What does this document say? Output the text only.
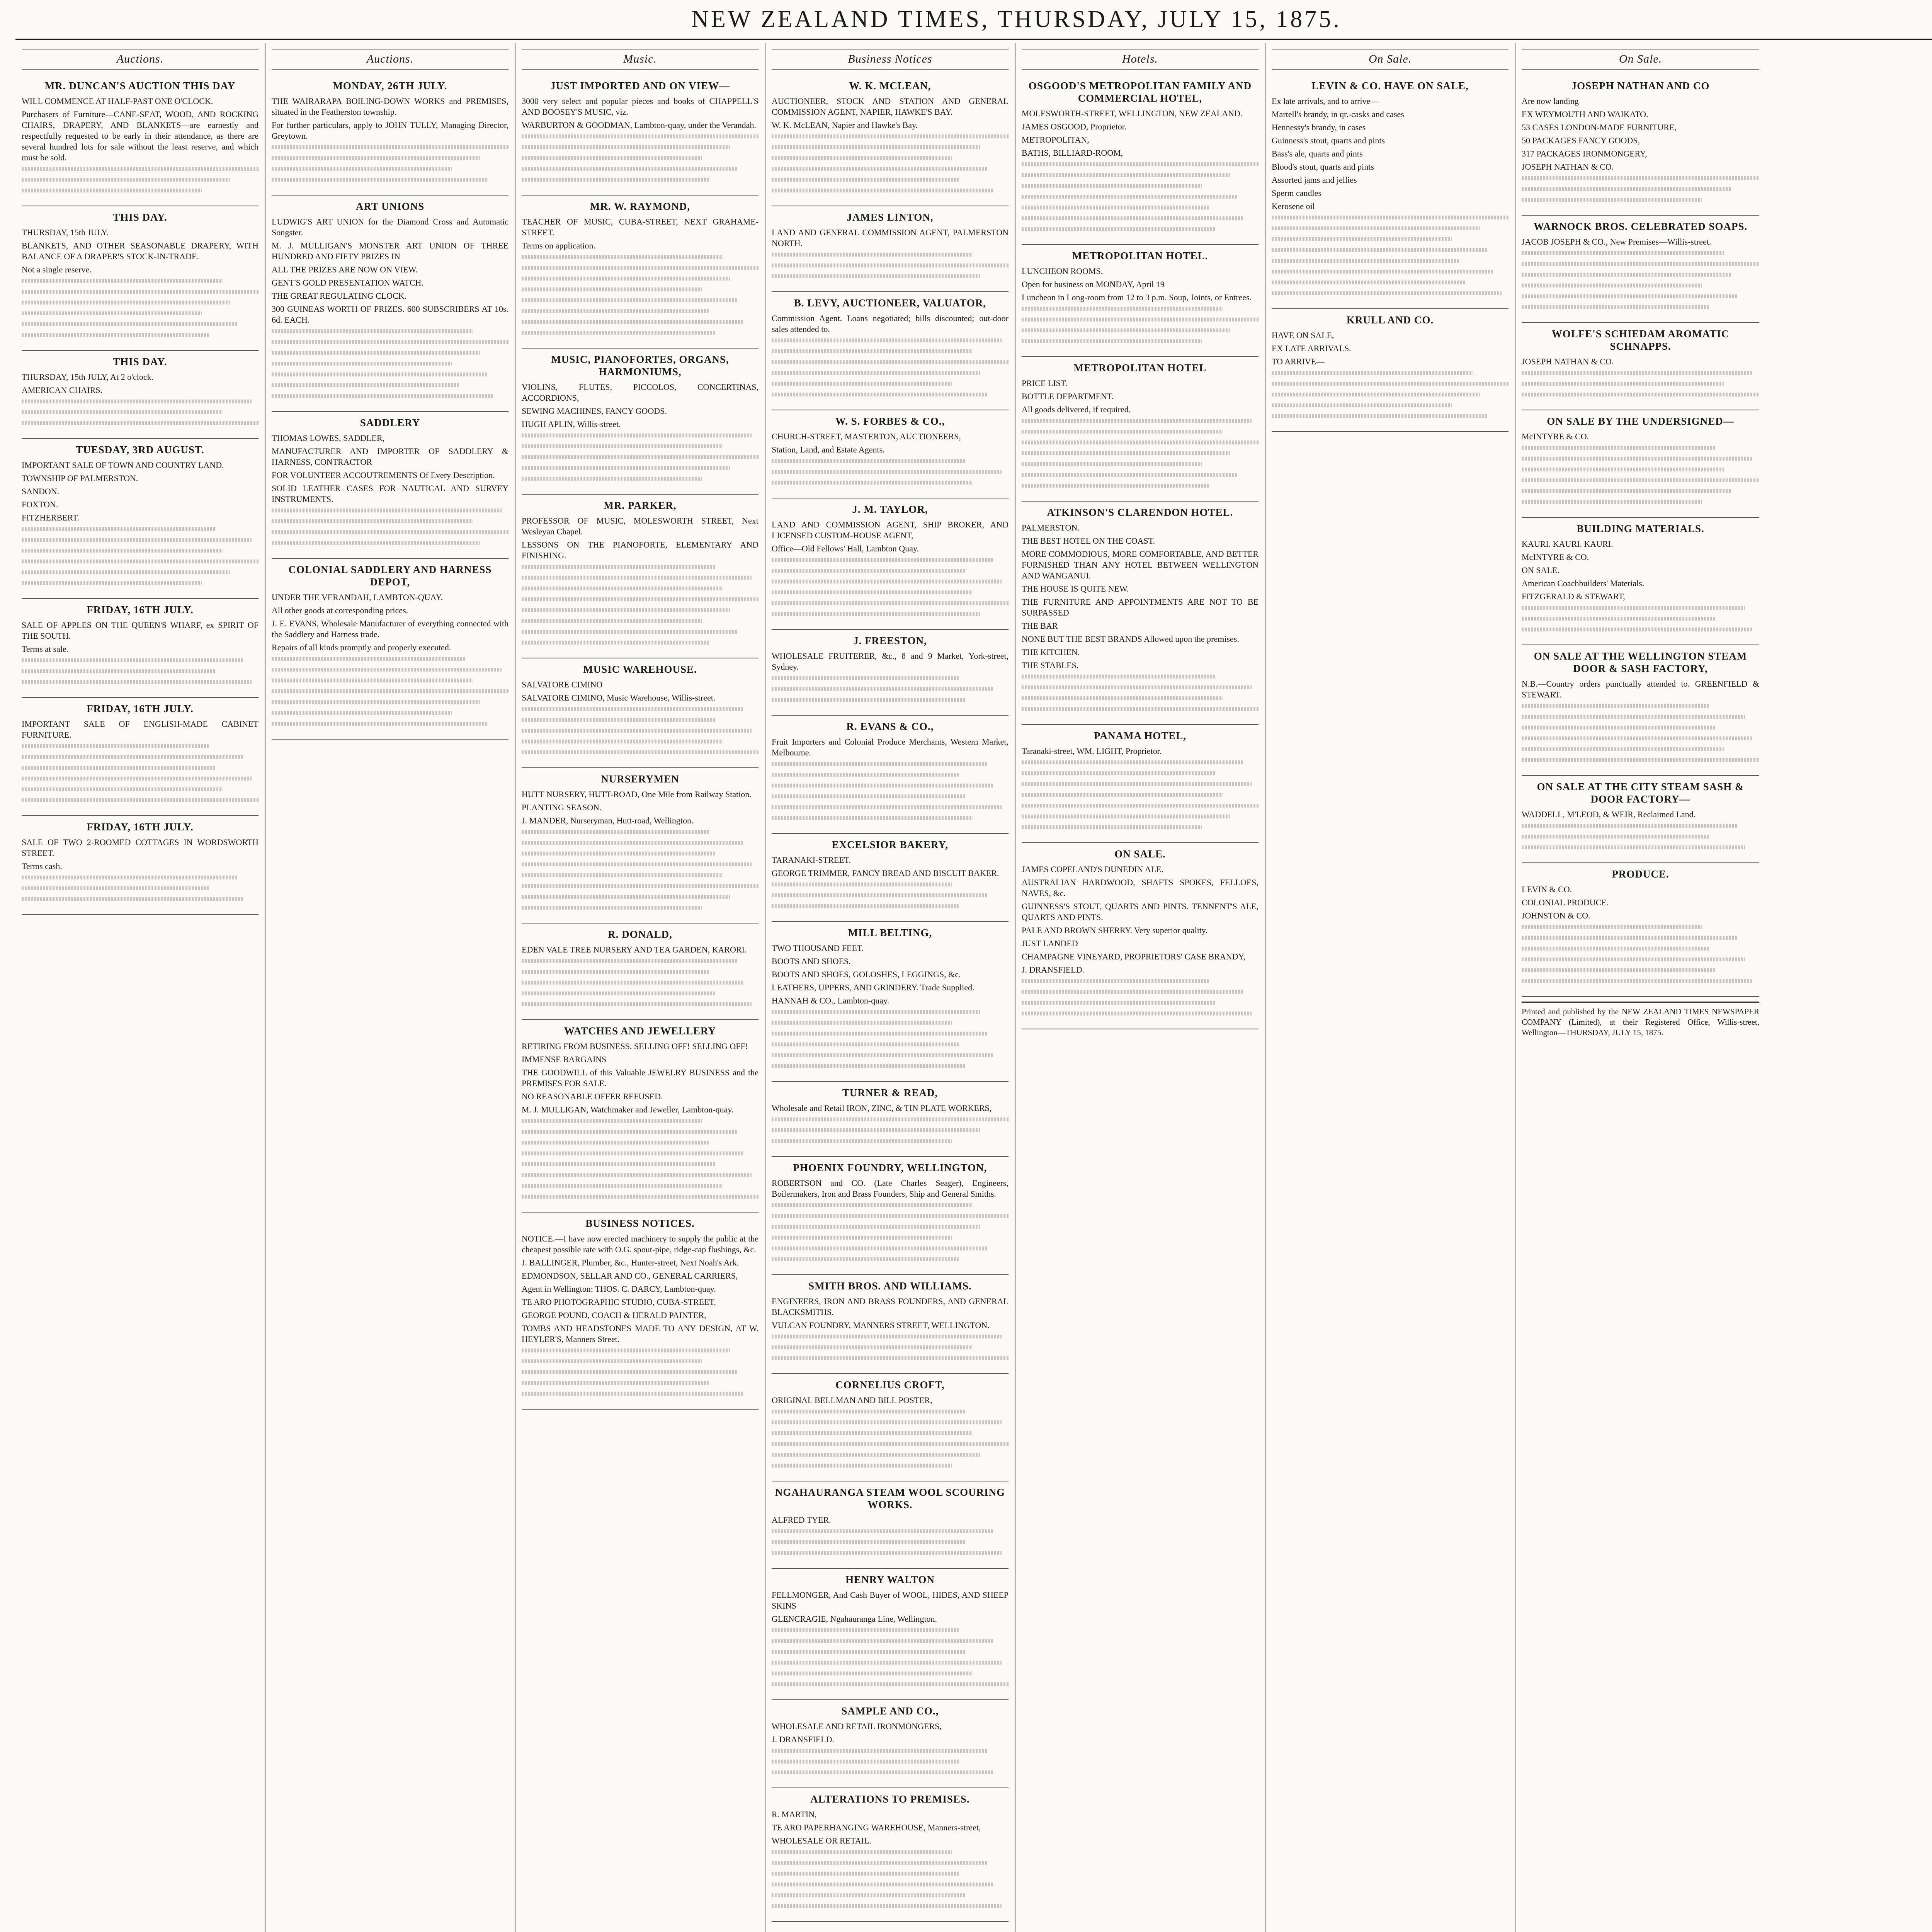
NEW ZEALAND TIMES, THURSDAY, JULY 15, 1875.
Auctions.
MR. DUNCAN'S AUCTION THIS DAY

WILL COMMENCE AT HALF-PAST ONE O'CLOCK.

Purchasers of Furniture—CANE-SEAT, WOOD, AND ROCKING CHAIRS, DRAPERY, AND BLANKETS—are earnestly and respectfully requested to be early in their attendance, as there are several hundred lots for sale without the least reserve, and which must be sold.

THIS DAY.

THURSDAY, 15th JULY.

BLANKETS, AND OTHER SEASONABLE DRAPERY, WITH BALANCE OF A DRAPER'S STOCK-IN-TRADE.

Not a single reserve.

THIS DAY.

THURSDAY, 15th JULY, At 2 o'clock.

AMERICAN CHAIRS.

TUESDAY, 3RD AUGUST.

IMPORTANT SALE OF TOWN AND COUNTRY LAND.

TOWNSHIP OF PALMERSTON.

SANDON.

FOXTON.

FITZHERBERT.

FRIDAY, 16TH JULY.

SALE OF APPLES ON THE QUEEN'S WHARF, ex SPIRIT OF THE SOUTH.

Terms at sale.

FRIDAY, 16TH JULY.

IMPORTANT SALE OF ENGLISH-MADE CABINET FURNITURE.

FRIDAY, 16TH JULY.

SALE OF TWO 2-ROOMED COTTAGES IN WORDSWORTH STREET.

Terms cash.

Auctions.
MONDAY, 26TH JULY.

THE WAIRARAPA BOILING-DOWN WORKS and PREMISES, situated in the Featherston township.

For further particulars, apply to JOHN TULLY, Managing Director, Greytown.

ART UNIONS

LUDWIG'S ART UNION for the Diamond Cross and Automatic Songster.

M. J. MULLIGAN'S MONSTER ART UNION OF THREE HUNDRED AND FIFTY PRIZES IN

ALL THE PRIZES ARE NOW ON VIEW.

GENT'S GOLD PRESENTATION WATCH.

THE GREAT REGULATING CLOCK.

300 GUINEAS WORTH OF PRIZES. 600 SUBSCRIBERS AT 10s. 6d. EACH.

SADDLERY

THOMAS LOWES, SADDLER,

MANUFACTURER AND IMPORTER OF SADDLERY & HARNESS, CONTRACTOR

FOR VOLUNTEER ACCOUTREMENTS Of Every Description.

SOLID LEATHER CASES FOR NAUTICAL AND SURVEY INSTRUMENTS.

COLONIAL SADDLERY AND HARNESS DEPOT,

UNDER THE VERANDAH, LAMBTON-QUAY.

All other goods at corresponding prices.

J. E. EVANS, Wholesale Manufacturer of everything connected with the Saddlery and Harness trade.

Repairs of all kinds promptly and properly executed.

Music.
JUST IMPORTED AND ON VIEW—

3000 very select and popular pieces and books of CHAPPELL'S AND BOOSEY'S MUSIC, viz.

WARBURTON & GOODMAN, Lambton-quay, under the Verandah.

MR. W. RAYMOND,

TEACHER OF MUSIC, CUBA-STREET, NEXT GRAHAME-STREET.

Terms on application.

MUSIC, PIANOFORTES, ORGANS, HARMONIUMS,

VIOLINS, FLUTES, PICCOLOS, CONCERTINAS, ACCORDIONS,

SEWING MACHINES, FANCY GOODS.

HUGH APLIN, Willis-street.

MR. PARKER,

PROFESSOR OF MUSIC, MOLESWORTH STREET, Next Wesleyan Chapel.

LESSONS ON THE PIANOFORTE, ELEMENTARY AND FINISHING.

MUSIC WAREHOUSE.

SALVATORE CIMINO

SALVATORE CIMINO, Music Warehouse, Willis-street.

NURSERYMEN

HUTT NURSERY, HUTT-ROAD, One Mile from Railway Station.

PLANTING SEASON.

J. MANDER, Nurseryman, Hutt-road, Wellington.

R. DONALD,

EDEN VALE TREE NURSERY AND TEA GARDEN, KARORI.

WATCHES AND JEWELLERY

RETIRING FROM BUSINESS. SELLING OFF! SELLING OFF!

IMMENSE BARGAINS

THE GOODWILL of this Valuable JEWELRY BUSINESS and the PREMISES FOR SALE.

NO REASONABLE OFFER REFUSED.

M. J. MULLIGAN, Watchmaker and Jeweller, Lambton-quay.

BUSINESS NOTICES.

NOTICE.—I have now erected machinery to supply the public at the cheapest possible rate with O.G. spout-pipe, ridge-cap flushings, &c.

J. BALLINGER, Plumber, &c., Hunter-street, Next Noah's Ark.

EDMONDSON, SELLAR AND CO., GENERAL CARRIERS,

Agent in Wellington: THOS. C. DARCY, Lambton-quay.

TE ARO PHOTOGRAPHIC STUDIO, CUBA-STREET.

GEORGE POUND, COACH & HERALD PAINTER,

TOMBS AND HEADSTONES MADE TO ANY DESIGN, AT W. HEYLER'S, Manners Street.

Business Notices
W. K. MCLEAN,

AUCTIONEER, STOCK AND STATION AND GENERAL COMMISSION AGENT, NAPIER, HAWKE'S BAY.

W. K. McLEAN, Napier and Hawke's Bay.

JAMES LINTON,

LAND AND GENERAL COMMISSION AGENT, PALMERSTON NORTH.

B. LEVY, AUCTIONEER, VALUATOR,

Commission Agent. Loans negotiated; bills discounted; out-door sales attended to.

W. S. FORBES & CO.,

CHURCH-STREET, MASTERTON, AUCTIONEERS,

Station, Land, and Estate Agents.

J. M. TAYLOR,

LAND AND COMMISSION AGENT, SHIP BROKER, AND LICENSED CUSTOM-HOUSE AGENT,

Office—Old Fellows' Hall, Lambton Quay.

J. FREESTON,

WHOLESALE FRUITERER, &c., 8 and 9 Market, York-street, Sydney.

R. EVANS & CO.,

Fruit Importers and Colonial Produce Merchants, Western Market, Melbourne.

EXCELSIOR BAKERY,

TARANAKI-STREET.

GEORGE TRIMMER, FANCY BREAD AND BISCUIT BAKER.

MILL BELTING,

TWO THOUSAND FEET.

BOOTS AND SHOES.

BOOTS AND SHOES, GOLOSHES, LEGGINGS, &c.

LEATHERS, UPPERS, AND GRINDERY. Trade Supplied.

HANNAH & CO., Lambton-quay.

TURNER & READ,

Wholesale and Retail IRON, ZINC, & TIN PLATE WORKERS,

PHOENIX FOUNDRY, WELLINGTON,

ROBERTSON and CO. (Late Charles Seager), Engineers, Boilermakers, Iron and Brass Founders, Ship and General Smiths.

SMITH BROS. AND WILLIAMS.

ENGINEERS, IRON AND BRASS FOUNDERS, AND GENERAL BLACKSMITHS.

VULCAN FOUNDRY, MANNERS STREET, WELLINGTON.

CORNELIUS CROFT,

ORIGINAL BELLMAN AND BILL POSTER,

NGAHAURANGA STEAM WOOL SCOURING WORKS.

ALFRED TYER.

HENRY WALTON

FELLMONGER, And Cash Buyer of WOOL, HIDES, AND SHEEP SKINS

GLENCRAGIE, Ngahauranga Line, Wellington.

SAMPLE AND CO.,

WHOLESALE AND RETAIL IRONMONGERS,

J. DRANSFIELD.

ALTERATIONS TO PREMISES.

R. MARTIN,

TE ARO PAPERHANGING WAREHOUSE, Manners-street,

WHOLESALE OR RETAIL.

Hotels.
OSGOOD'S METROPOLITAN FAMILY AND COMMERCIAL HOTEL,

MOLESWORTH-STREET, WELLINGTON, NEW ZEALAND.

JAMES OSGOOD, Proprietor.

METROPOLITAN,

BATHS, BILLIARD-ROOM,

METROPOLITAN HOTEL.

LUNCHEON ROOMS.

Open for business on MONDAY, April 19

Luncheon in Long-room from 12 to 3 p.m. Soup, Joints, or Entrees.

METROPOLITAN HOTEL

PRICE LIST.

BOTTLE DEPARTMENT.

All goods delivered, if required.

ATKINSON'S CLARENDON HOTEL.

PALMERSTON.

THE BEST HOTEL ON THE COAST.

MORE COMMODIOUS, MORE COMFORTABLE, AND BETTER FURNISHED THAN ANY HOTEL BETWEEN WELLINGTON AND WANGANUI.

THE HOUSE IS QUITE NEW.

THE FURNITURE AND APPOINTMENTS ARE NOT TO BE SURPASSED

THE BAR

NONE BUT THE BEST BRANDS Allowed upon the premises.

THE KITCHEN.

THE STABLES.

PANAMA HOTEL,

Taranaki-street, WM. LIGHT, Proprietor.

ON SALE.

JAMES COPELAND'S DUNEDIN ALE.

AUSTRALIAN HARDWOOD, SHAFTS SPOKES, FELLOES, NAVES, &c.

GUINNESS'S STOUT, QUARTS AND PINTS. TENNENT'S ALE, QUARTS AND PINTS.

PALE AND BROWN SHERRY. Very superior quality.

JUST LANDED

CHAMPAGNE VINEYARD, PROPRIETORS' CASE BRANDY,

J. DRANSFIELD.

On Sale.
LEVIN & CO. HAVE ON SALE,

Ex late arrivals, and to arrive—

Martell's brandy, in qr.-casks and cases

Hennessy's brandy, in cases

Guinness's stout, quarts and pints

Bass's ale, quarts and pints

Blood's stout, quarts and pints

Assorted jams and jellies

Sperm candles

Kerosene oil

KRULL AND CO.

HAVE ON SALE,

EX LATE ARRIVALS.

TO ARRIVE—

On Sale.
JOSEPH NATHAN AND CO

Are now landing

EX WEYMOUTH AND WAIKATO.

53 CASES LONDON-MADE FURNITURE,

50 PACKAGES FANCY GOODS,

317 PACKAGES IRONMONGERY,

JOSEPH NATHAN & CO.

WARNOCK BROS. CELEBRATED SOAPS.

JACOB JOSEPH & CO., New Premises—Willis-street.

WOLFE'S SCHIEDAM AROMATIC SCHNAPPS.

JOSEPH NATHAN & CO.

ON SALE BY THE UNDERSIGNED—

McINTYRE & CO.

BUILDING MATERIALS.

KAURI. KAURI. KAURI.

McINTYRE & CO.

ON SALE.

American Coachbuilders' Materials.

FITZGERALD & STEWART,

ON SALE AT THE WELLINGTON STEAM DOOR & SASH FACTORY,

N.B.—Country orders punctually attended to. GREENFIELD & STEWART.

ON SALE AT THE CITY STEAM SASH & DOOR FACTORY—

WADDELL, M'LEOD, & WEIR, Reclaimed Land.

PRODUCE.

LEVIN & CO.

COLONIAL PRODUCE.

JOHNSTON & CO.

Printed and published by the NEW ZEALAND TIMES NEWSPAPER COMPANY (Limited), at their Registered Office, Willis-street, Wellington—THURSDAY, JULY 15, 1875.
